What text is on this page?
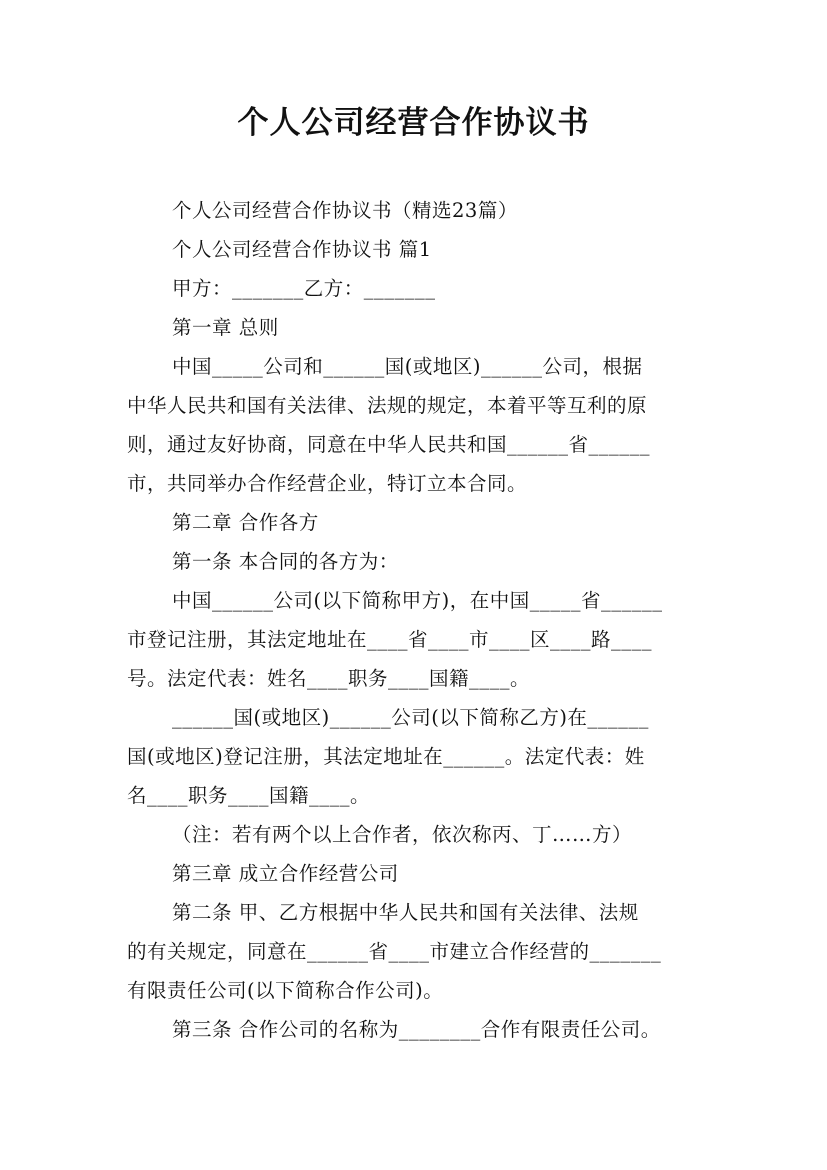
个人公司经营合作协议书
个人公司经营合作协议书（精选23篇）
个人公司经营合作协议书 篇1
甲方：_______乙方：_______
第一章 总则
中国_____公司和______国(或地区)______公司，根据
中华人民共和国有关法律、法规的规定，本着平等互利的原
则，通过友好协商，同意在中华人民共和国______省______
市，共同举办合作经营企业，特订立本合同。
第二章 合作各方
第一条 本合同的各方为：
中国______公司(以下简称甲方)，在中国_____省______
市登记注册，其法定地址在____省____市____区____路____
号。法定代表：姓名____职务____国籍____。
______国(或地区)______公司(以下简称乙方)在______
国(或地区)登记注册，其法定地址在______。法定代表：姓
名____职务____国籍____。
（注：若有两个以上合作者，依次称丙、丁……方）
第三章 成立合作经营公司
第二条 甲、乙方根据中华人民共和国有关法律、法规
的有关规定，同意在______省____市建立合作经营的_______
有限责任公司(以下简称合作公司)。
第三条 合作公司的名称为________合作有限责任公司。
